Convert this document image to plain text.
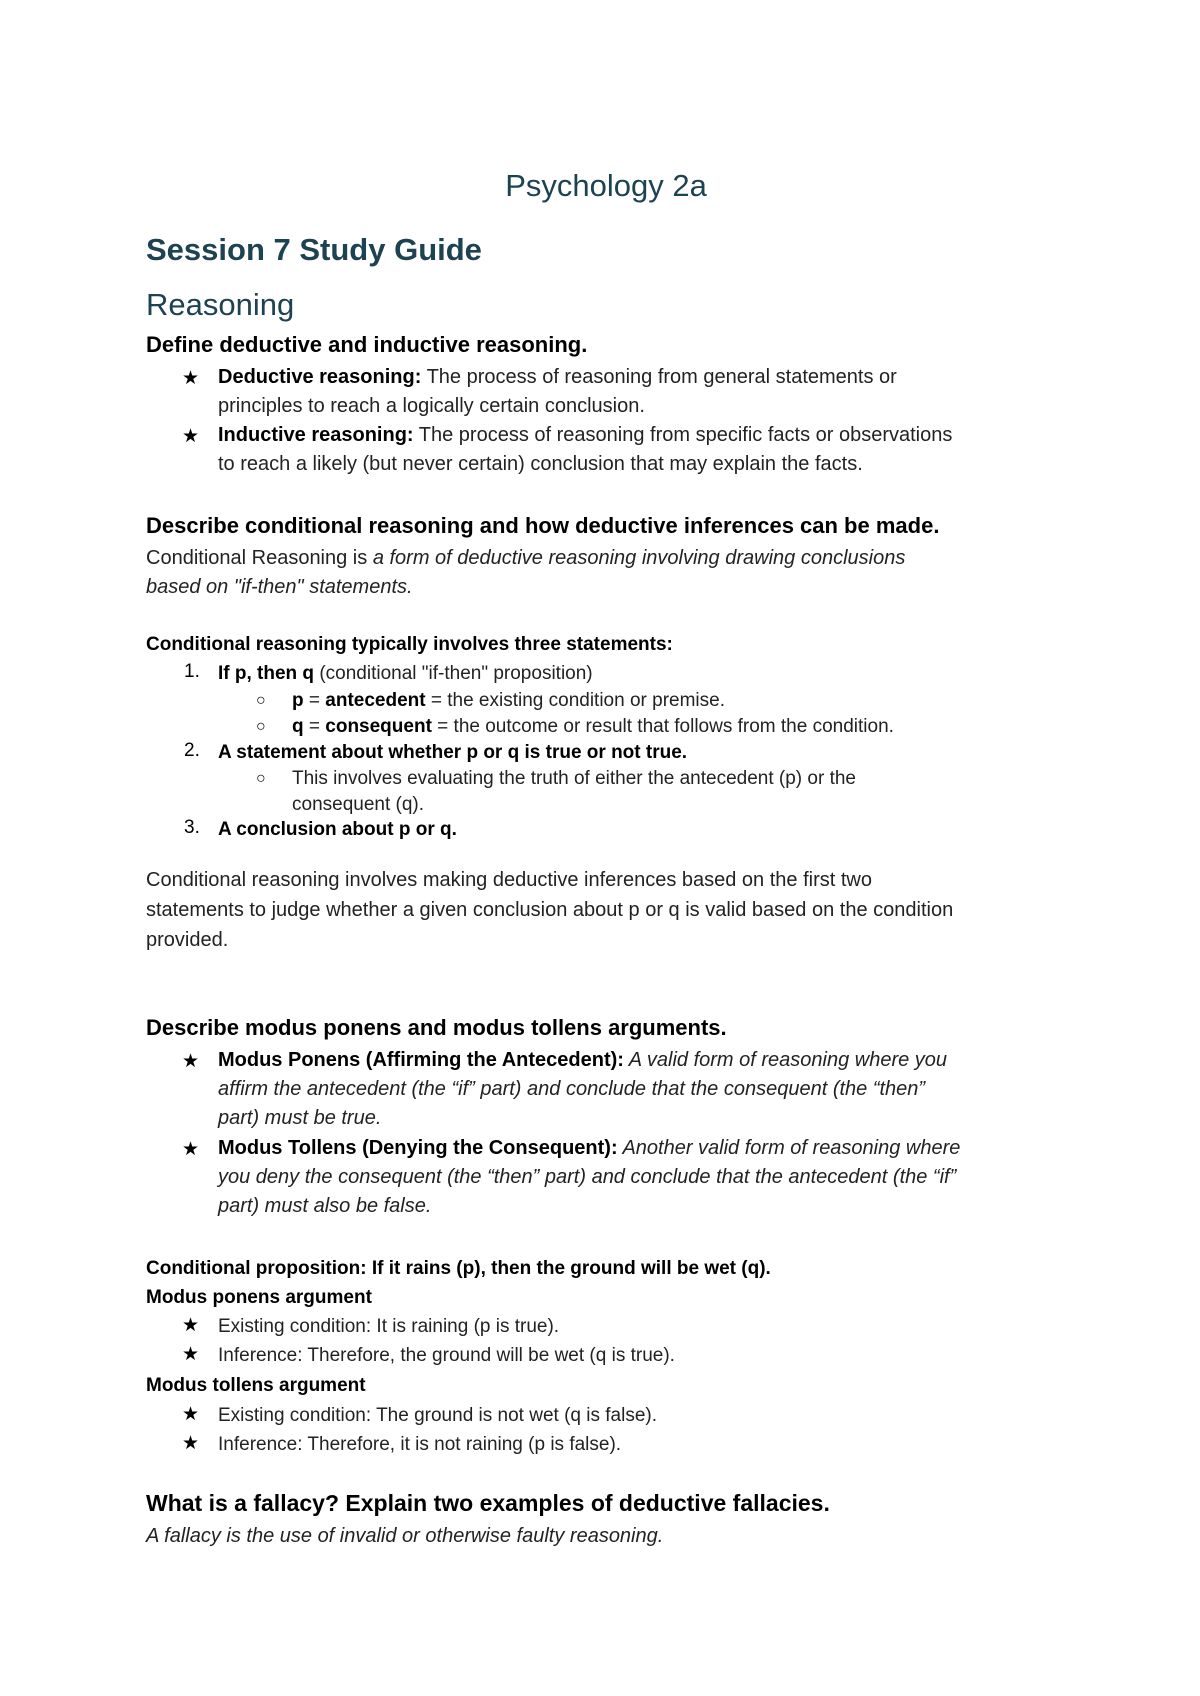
Psychology 2a
Session 7 Study Guide
Reasoning
Define deductive and inductive reasoning.
★ Deductive reasoning: The process of reasoning from general statements or
principles to reach a logically certain conclusion.
★ Inductive reasoning: The process of reasoning from specific facts or observations
to reach a likely (but never certain) conclusion that may explain the facts.
Describe conditional reasoning and how deductive inferences can be made.
Conditional Reasoning is a form of deductive reasoning involving drawing conclusions
based on "if-then" statements.
Conditional reasoning typically involves three statements:
1. If p, then q (conditional "if-then" proposition)
○ p = antecedent = the existing condition or premise.
○ q = consequent = the outcome or result that follows from the condition.
2. A statement about whether p or q is true or not true.
○ This involves evaluating the truth of either the antecedent (p) or the
consequent (q).
3. A conclusion about p or q.
Conditional reasoning involves making deductive inferences based on the first two
statements to judge whether a given conclusion about p or q is valid based on the condition
provided.
Describe modus ponens and modus tollens arguments.
★ Modus Ponens (Affirming the Antecedent): A valid form of reasoning where you
affirm the antecedent (the “if” part) and conclude that the consequent (the “then”
part) must be true.
★ Modus Tollens (Denying the Consequent): Another valid form of reasoning where
you deny the consequent (the “then” part) and conclude that the antecedent (the “if”
part) must also be false.
Conditional proposition: If it rains (p), then the ground will be wet (q).
Modus ponens argument
★ Existing condition: It is raining (p is true).
★ Inference: Therefore, the ground will be wet (q is true).
Modus tollens argument
★ Existing condition: The ground is not wet (q is false).
★ Inference: Therefore, it is not raining (p is false).
What is a fallacy? Explain two examples of deductive fallacies.
A fallacy is the use of invalid or otherwise faulty reasoning.
